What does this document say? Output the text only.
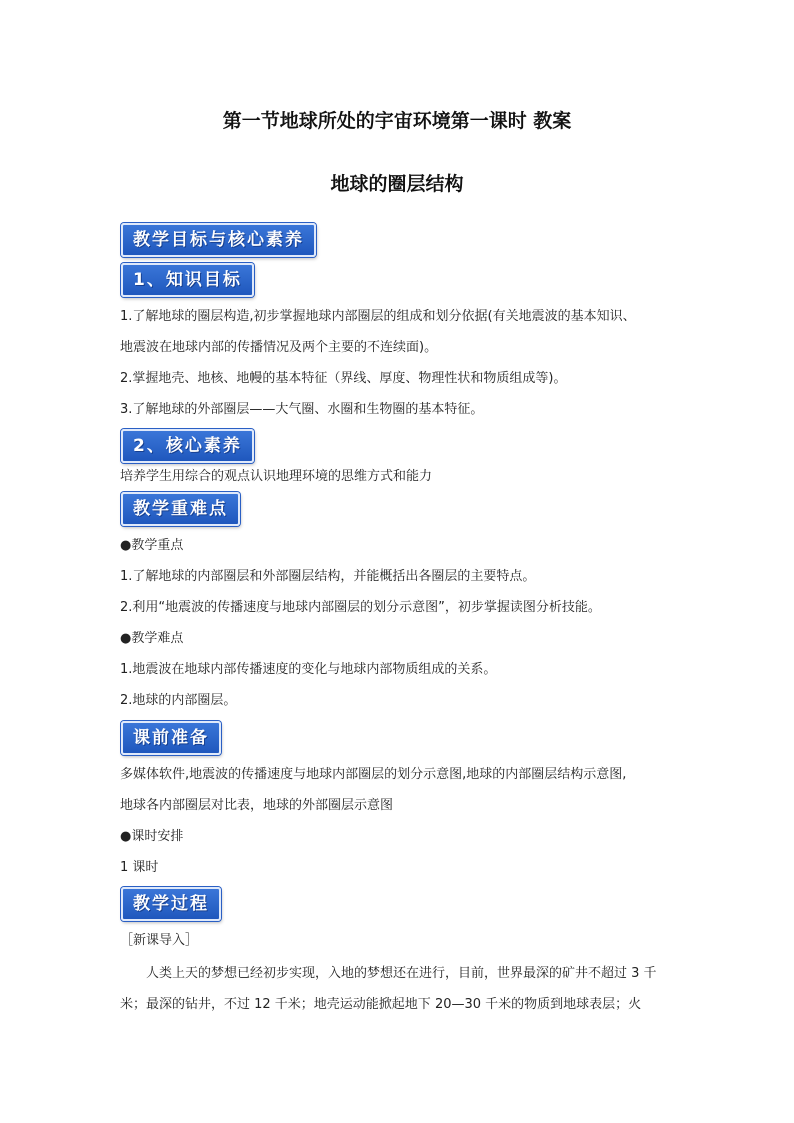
第一节地球所处的宇宙环境第一课时 教案
地球的圈层结构
教学目标与核心素养
1、知识目标

1.了解地球的圈层构造,初步掌握地球内部圈层的组成和划分依据(有关地震波的基本知识、

地震波在地球内部的传播情况及两个主要的不连续面)。

2.掌握地壳、地核、地幔的基本特征（界线、厚度、物理性状和物质组成等)。

3.了解地球的外部圈层——大气圈、水圈和生物圈的基本特征。

2、核心素养

培养学生用综合的观点认识地理环境的思维方式和能力

教学重难点

●教学重点

1.了解地球的内部圈层和外部圈层结构，并能概括出各圈层的主要特点。

2.利用“地震波的传播速度与地球内部圈层的划分示意图”，初步掌握读图分析技能。

●教学难点

1.地震波在地球内部传播速度的变化与地球内部物质组成的关系。

2.地球的内部圈层。

课前准备

多媒体软件,地震波的传播速度与地球内部圈层的划分示意图,地球的内部圈层结构示意图,

地球各内部圈层对比表，地球的外部圈层示意图

●课时安排

1 课时

教学过程

［新课导入］

人类上天的梦想已经初步实现，入地的梦想还在进行，目前，世界最深的矿井不超过 3 千米；最深的钻井，不过 12 千米；地壳运动能掀起地下 20—30 千米的物质到地球表层；火
